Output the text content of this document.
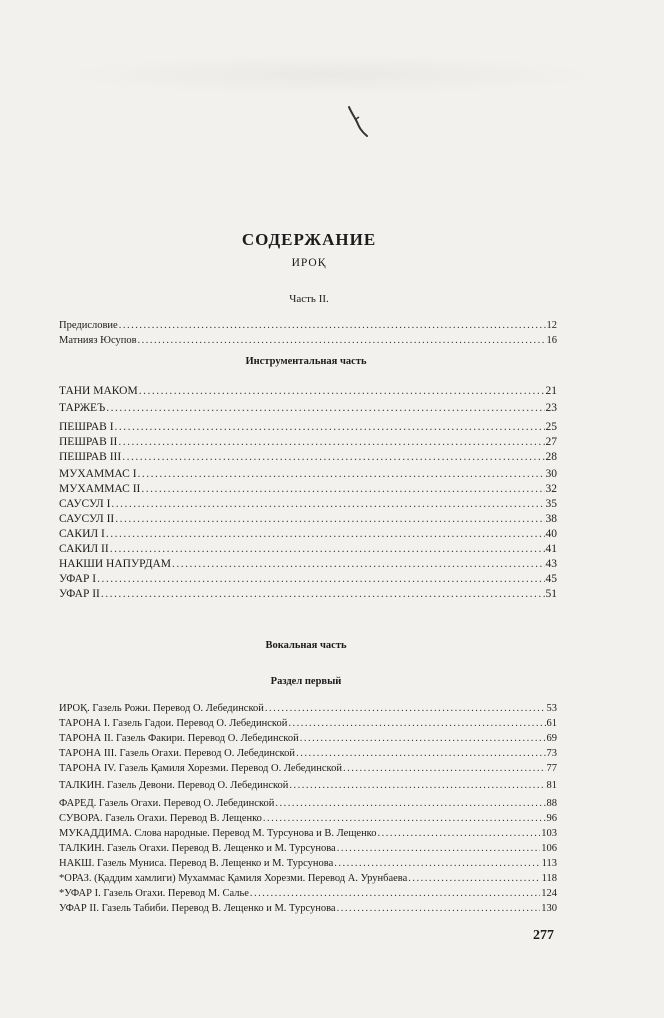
СОДЕРЖАНИЕ
ИРОҚ
Часть II.
Предисловие .....	12
Матнияз Юсупов .....	16
Инструментальная часть
ТАНИ МАКОМ .....	21
ТАРЖЕЪ .....	23
ПЕШРАВ I .....	25
ПЕШРАВ II .....	27
ПЕШРАВ III .....	28
МУХАММАС I .....	30
МУХАММАС II .....	32
САУСУЛ I .....	35
САУСУЛ II .....	38
САКИЛ I .....	40
САКИЛ II .....	41
НАКШИ НАПУРДАМ .....	43
УФАР I .....	45
УФАР II .....	51
Вокальная часть
Раздел первый
ИРОҚ. Газель Рожи. Перевод О. Лебединской .....	53
ТАРОНА I. Газель Гадои. Перевод О. Лебединской .....	61
ТАРОНА II. Газель Факири. Перевод О. Лебединской .....	69
ТАРОНА III. Газель Огахи. Перевод О. Лебединской .....	73
ТАРОНА IV. Газель Қамиля Хорезми. Перевод О. Лебединской .....	77
ТАЛКИН. Газель Девони. Перевод О. Лебединской .....	81
ФАРЕД. Газель Огахи. Перевод О. Лебединской .....	88
СУВОРА. Газель Огахи. Перевод В. Лещенко .....	96
МУКАДДИМА. Слова народные. Перевод М. Турсунова и В. Лещенко .....	103
ТАЛКИН. Газель Огахи. Перевод В. Лещенко и М. Турсунова .....	106
НАКШ. Газель Муниса. Перевод В. Лещенко и М. Турсунова .....	113
*ОРАЗ. (Қаддим хамлиги) Мухаммас Қамиля Хорезми. Перевод А. Урунбаева .....	118
*УФАР I. Газель Огахи. Перевод М. Салье .....	124
УФАР II. Газель Табиби. Перевод В. Лещенко и М. Турсунова .....	130
277
